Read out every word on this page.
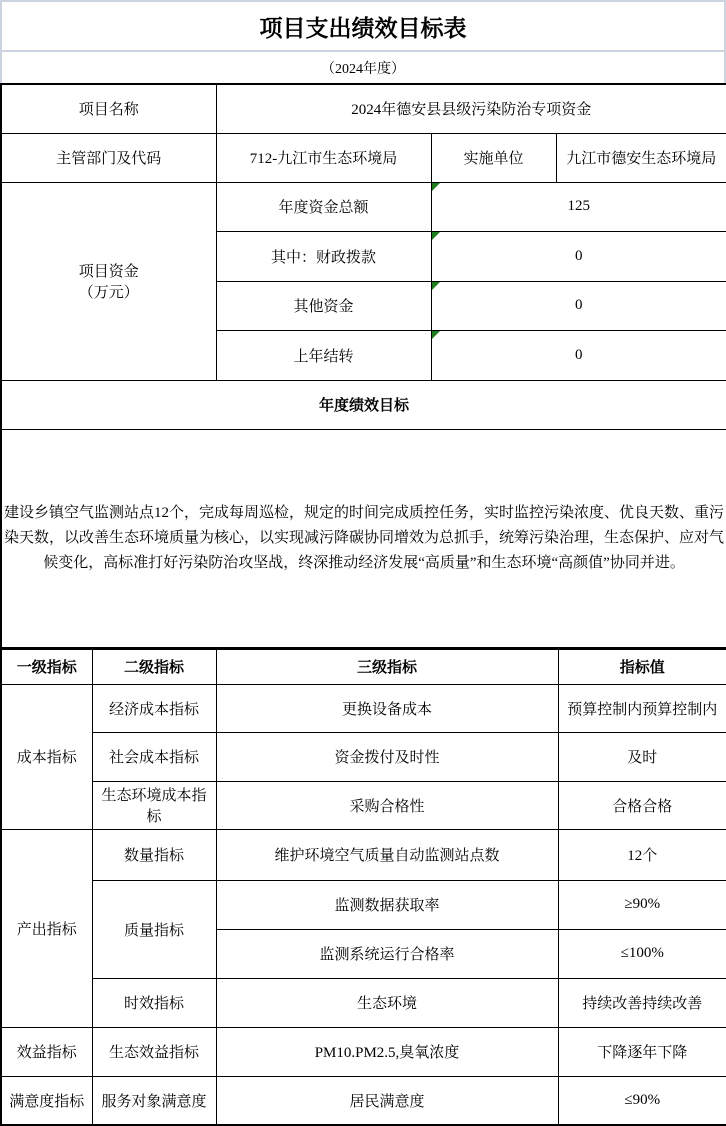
项目支出绩效目标表
（2024年度）
项目名称	2024年德安县县级污染防治专项资金		
主管部门及代码	712-九江市生态环境局	实施单位	九江市德安生态环境局

项目资金
（万元）	年度资金总额	125	
	其中：财政拨款	0	
	其他资金	0	
	上年结转	0	
年度绩效目标			

建设乡镇空气监测站点12个，完成每周巡检，规定的时间完成质控任务，实时监控污染浓度、优良天数、重污染天数，以改善生态环境质量为核心，以实现减污降碳协同增效为总抓手，统筹污染治理，生态保护、应对气候变化，高标准打好污染防治攻坚战，终深推动经济发展“高质量”和生态环境“高颜值”协同并进。			
一级指标	二级指标	三级指标	指标值
成本指标	经济成本指标	更换设备成本	预算控制内预算控制内
	社会成本指标	资金拨付及时性	及时
	生态环境成本指标	采购合格性	合格合格
产出指标	数量指标	维护环境空气质量自动监测站点数	12个
	质量指标	监测数据获取率	≥90%
		监测系统运行合格率	≤100%
	时效指标	生态环境	持续改善持续改善
效益指标	生态效益指标	PM10.PM2.5,臭氧浓度	下降逐年下降
满意度指标	服务对象满意度	居民满意度	≤90%
